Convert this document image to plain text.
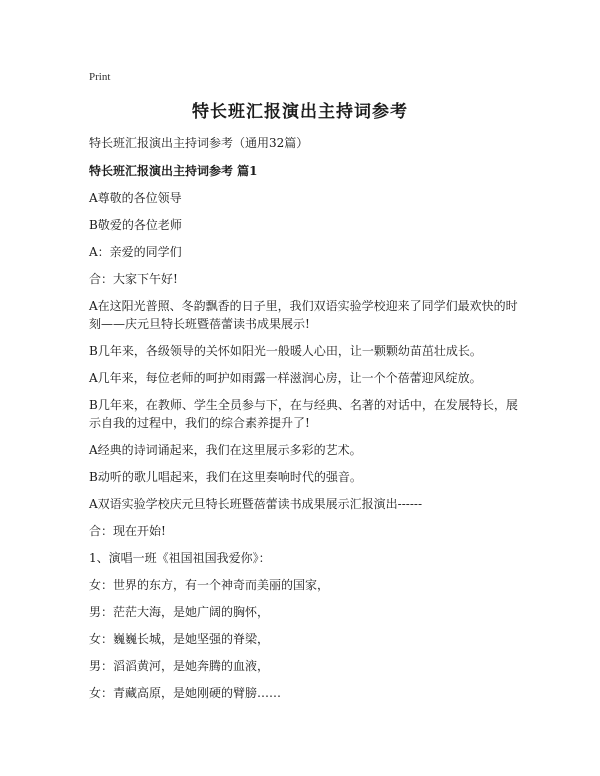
Print
特长班汇报演出主持词参考
特长班汇报演出主持词参考（通用32篇）
特长班汇报演出主持词参考 篇1
A尊敬的各位领导
B敬爱的各位老师
A：亲爱的同学们
合：大家下午好!
A在这阳光普照、冬韵飘香的日子里，我们双语实验学校迎来了同学们最欢快的时刻——庆元旦特长班暨蓓蕾读书成果展示!
B几年来，各级领导的关怀如阳光一般暖人心田，让一颗颗幼苗茁壮成长。
A几年来，每位老师的呵护如雨露一样滋润心房，让一个个蓓蕾迎风绽放。
B几年来，在教师、学生全员参与下，在与经典、名著的对话中，在发展特长，展示自我的过程中，我们的综合素养提升了!
A经典的诗词诵起来，我们在这里展示多彩的艺术。
B动听的歌儿唱起来，我们在这里奏响时代的强音。
A双语实验学校庆元旦特长班暨蓓蕾读书成果展示汇报演出------
合：现在开始!
1、演唱一班《祖国祖国我爱你》：
女：世界的东方，有一个神奇而美丽的国家，
男：茫茫大海，是她广阔的胸怀，
女：巍巍长城，是她坚强的脊梁，
男：滔滔黄河，是她奔腾的血液，
女：青藏高原，是她刚硬的臂膀……
